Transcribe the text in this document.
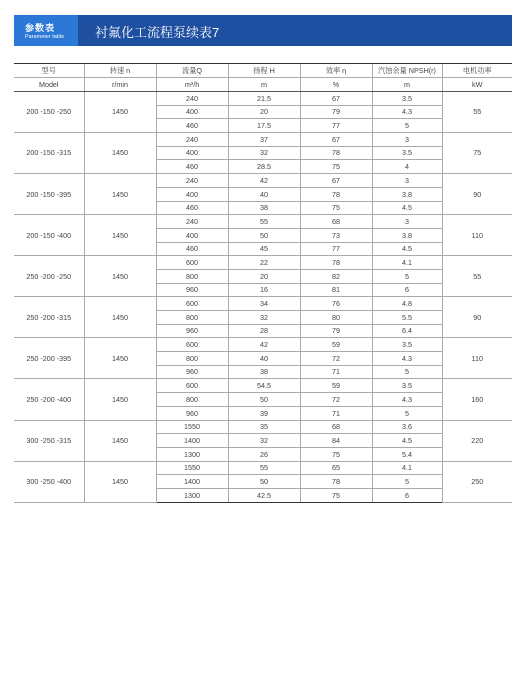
参数表
Parameter table 衬氟化工流程泵续表7
型号	转速 n	流量Q	扬程 H	效率 η	汽蚀余量 NPSH(r)	电机功率
Model	r/min	m³/h	m	%	m	kW
200 -150 -250	1450	240	21.5	67	3.5	55
		400	20	79	4.3	
		460	17.5	77	5	
200 -150 -315	1450	240	37	67	3	75
		400	32	78	3.5	
		460	28.5	75	4	
200 -150 -395	1450	240	42	67	3	90
		400	40	78	3.8	
		460	38	75	4.5	
200 -150 -400	1450	240	55	68	3	110
		400	50	73	3.8	
		460	45	77	4.5	
250 -200 -250	1450	600	22	78	4.1	55
		800	20	82	5	
		960	16	81	6	
250 -200 -315	1450	600	34	76	4.8	90
		800	32	80	5.5	
		960	28	79	6.4	
250 -200 -395	1450	600	42	59	3.5	110
		800	40	72	4.3	
		960	38	71	5	
250 -200 -400	1450	600	54.5	59	3.5	160
		800	50	72	4.3	
		960	39	71	5	
300 -250 -315	1450	1550	35	68	3.6	220
		1400	32	84	4.5	
		1300	26	75	5.4	
300 -250 -400	1450	1550	55	65	4.1	250
		1400	50	78	5	
		1300	42.5	75	6	
